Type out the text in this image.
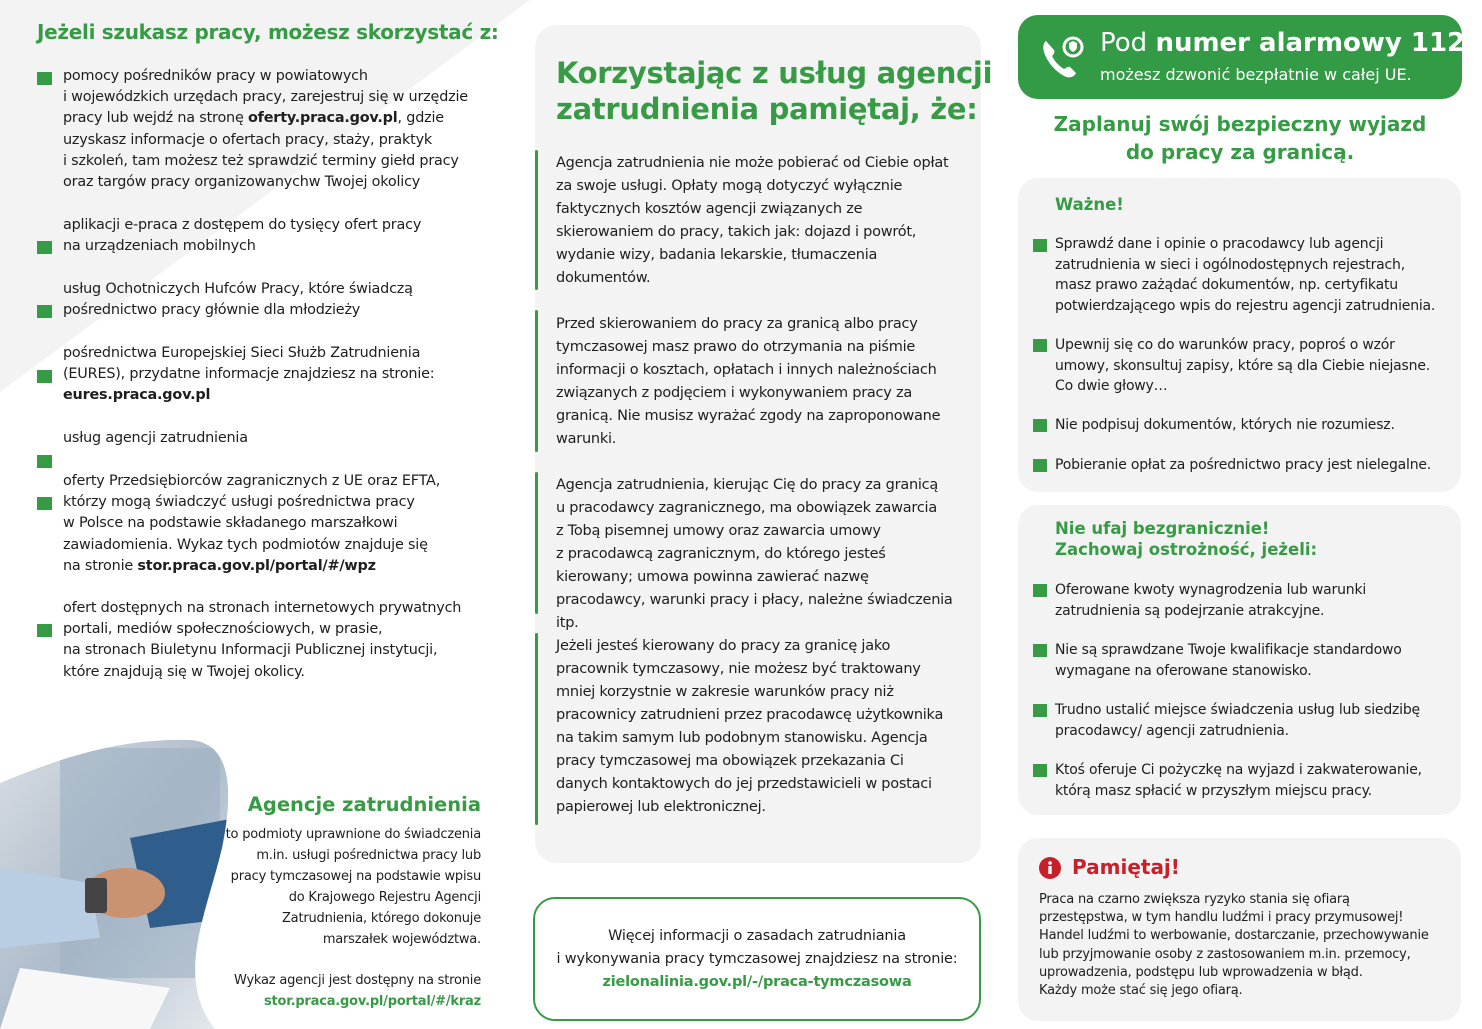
Jeżeli szukasz pracy, możesz skorzystać z:
pomocy pośredników pracy w powiatowych
i wojewódzkich urzędach pracy, zarejestruj się w urzędzie
pracy lub wejdź na stronę oferty.praca.gov.pl, gdzie
uzyskasz informacje o ofertach pracy, staży, praktyk
i szkoleń, tam możesz też sprawdzić terminy giełd pracy
oraz targów pracy organizowanychw Twojej okolicy
aplikacji e-praca z dostępem do tysięcy ofert pracy
na urządzeniach mobilnych
usług Ochotniczych Hufców Pracy, które świadczą
pośrednictwo pracy głównie dla młodzieży
pośrednictwa Europejskiej Sieci Służb Zatrudnienia
(EURES), przydatne informacje znajdziesz na stronie:
eures.praca.gov.pl
usług agencji zatrudnienia
oferty Przedsiębiorców zagranicznych z UE oraz EFTA,
którzy mogą świadczyć usługi pośrednictwa pracy
w Polsce na podstawie składanego marszałkowi
zawiadomienia. Wykaz tych podmiotów znajduje się
na stronie stor.praca.gov.pl/portal/#/wpz
ofert dostępnych na stronach internetowych prywatnych
portali, mediów społecznościowych, w prasie,
na stronach Biuletynu Informacji Publicznej instytucji,
które znajdują się w Twojej okolicy.
Agencje zatrudnienia
to podmioty uprawnione do świadczenia
m.in. usługi pośrednictwa pracy lub
pracy tymczasowej na podstawie wpisu
do Krajowego Rejestru Agencji
Zatrudnienia, którego dokonuje
marszałek województwa.
Wykaz agencji jest dostępny na stronie
stor.praca.gov.pl/portal/#/kraz
Korzystając z usług agencji
zatrudnienia pamiętaj, że:
Agencja zatrudnienia nie może pobierać od Ciebie opłat
za swoje usługi. Opłaty mogą dotyczyć wyłącznie
faktycznych kosztów agencji związanych ze
skierowaniem do pracy, takich jak: dojazd i powrót,
wydanie wizy, badania lekarskie, tłumaczenia
dokumentów.
Przed skierowaniem do pracy za granicą albo pracy
tymczasowej masz prawo do otrzymania na piśmie
informacji o kosztach, opłatach i innych należnościach
związanych z podjęciem i wykonywaniem pracy za
granicą. Nie musisz wyrażać zgody na zaproponowane
warunki.
Agencja zatrudnienia, kierując Cię do pracy za granicą
u pracodawcy zagranicznego, ma obowiązek zawarcia
z Tobą pisemnej umowy oraz zawarcia umowy
z pracodawcą zagranicznym, do którego jesteś
kierowany; umowa powinna zawierać nazwę
pracodawcy, warunki pracy i płacy, należne świadczenia itp.
Jeżeli jesteś kierowany do pracy za granicę jako
pracownik tymczasowy, nie możesz być traktowany
mniej korzystnie w zakresie warunków pracy niż
pracownicy zatrudnieni przez pracodawcę użytkownika
na takim samym lub podobnym stanowisku. Agencja
pracy tymczasowej ma obowiązek przekazania Ci
danych kontaktowych do jej przedstawicieli w postaci
papierowej lub elektronicznej.
Więcej informacji o zasadach zatrudniania
i wykonywania pracy tymczasowej znajdziesz na stronie:
zielonalinia.gov.pl/-/praca-tymczasowa
Pod numer alarmowy 112
możesz dzwonić bezpłatnie w całej UE.
Zaplanuj swój bezpieczny wyjazd
do pracy za granicą.
Ważne!
Sprawdź dane i opinie o pracodawcy lub agencji
zatrudnienia w sieci i ogólnodostępnych rejestrach,
masz prawo zażądać dokumentów, np. certyfikatu
potwierdzającego wpis do rejestru agencji zatrudnienia.
Upewnij się co do warunków pracy, poproś o wzór
umowy, skonsultuj zapisy, które są dla Ciebie niejasne.
Co dwie głowy…
Nie podpisuj dokumentów, których nie rozumiesz.
Pobieranie opłat za pośrednictwo pracy jest nielegalne.
Nie ufaj bezgranicznie!
Zachowaj ostrożność, jeżeli:
Oferowane kwoty wynagrodzenia lub warunki
zatrudnienia są podejrzanie atrakcyjne.
Nie są sprawdzane Twoje kwalifikacje standardowo
wymagane na oferowane stanowisko.
Trudno ustalić miejsce świadczenia usług lub siedzibę
pracodawcy/ agencji zatrudnienia.
Ktoś oferuje Ci pożyczkę na wyjazd i zakwaterowanie,
którą masz spłacić w przyszłym miejscu pracy.
Pamiętaj!
Praca na czarno zwiększa ryzyko stania się ofiarą
przestępstwa, w tym handlu ludźmi i pracy przymusowej!
Handel ludźmi to werbowanie, dostarczanie, przechowywanie
lub przyjmowanie osoby z zastosowaniem m.in. przemocy,
uprowadzenia, podstępu lub wprowadzenia w błąd.
Każdy może stać się jego ofiarą.
